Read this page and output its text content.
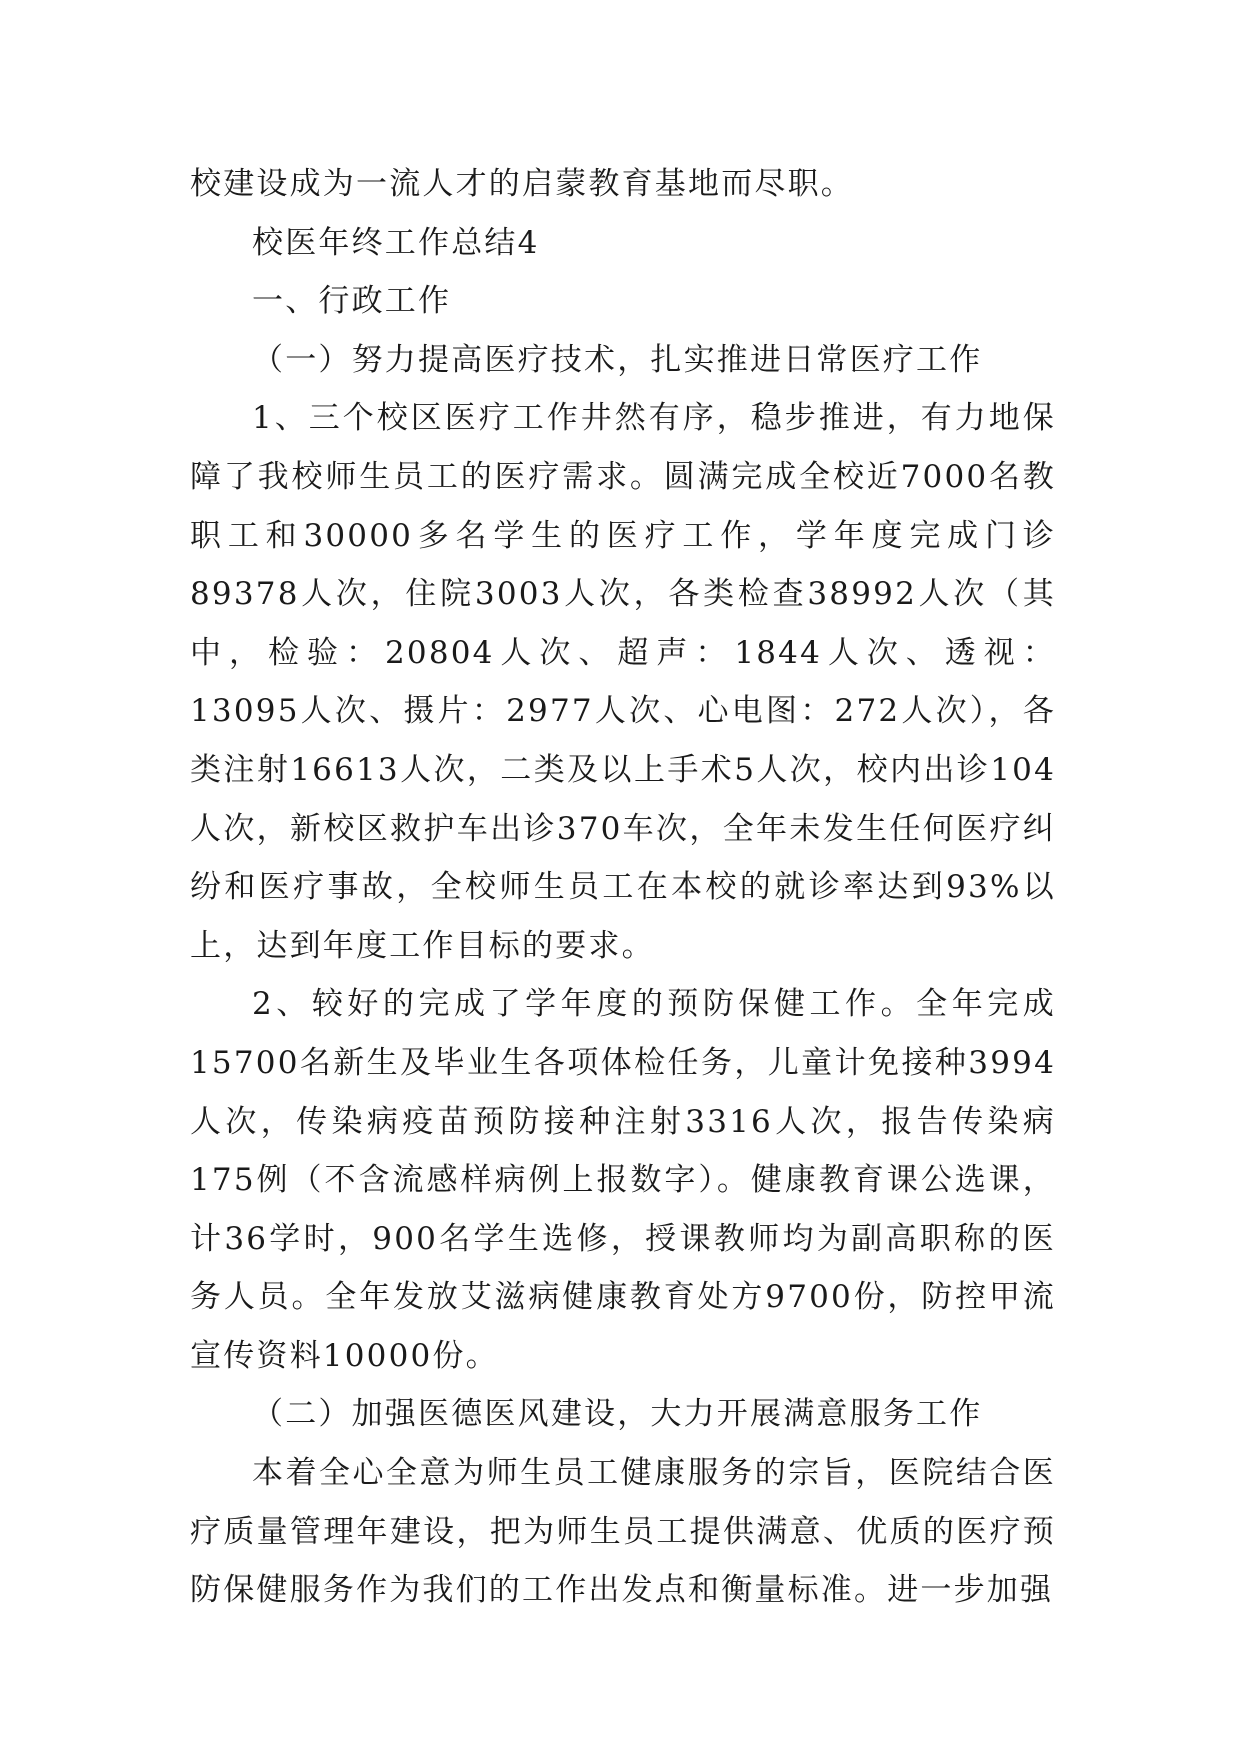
校建设成为一流人才的启蒙教育基地而尽职。

校医年终工作总结4

一、行政工作

（一）努力提高医疗技术，扎实推进日常医疗工作

1、三个校区医疗工作井然有序，稳步推进，有力地保障了我校师生员工的医疗需求。圆满完成全校近7000名教职工和30000多名学生的医疗工作，学年度完成门诊89378人次，住院3003人次，各类检查38992人次（其中，检验：20804人次、超声：1844人次、透视：13095人次、摄片：2977人次、心电图：272人次），各类注射16613人次，二类及以上手术5人次，校内出诊104人次，新校区救护车出诊370车次，全年未发生任何医疗纠纷和医疗事故，全校师生员工在本校的就诊率达到93%以上，达到年度工作目标的要求。

2、较好的完成了学年度的预防保健工作。全年完成15700名新生及毕业生各项体检任务，儿童计免接种3994人次，传染病疫苗预防接种注射3316人次，报告传染病175例（不含流感样病例上报数字）。健康教育课公选课，计36学时，900名学生选修，授课教师均为副高职称的医务人员。全年发放艾滋病健康教育处方9700份，防控甲流宣传资料10000份。

（二）加强医德医风建设，大力开展满意服务工作

本着全心全意为师生员工健康服务的宗旨，医院结合医疗质量管理年建设，把为师生员工提供满意、优质的医疗预防保健服务作为我们的工作出发点和衡量标准。进一步加强
